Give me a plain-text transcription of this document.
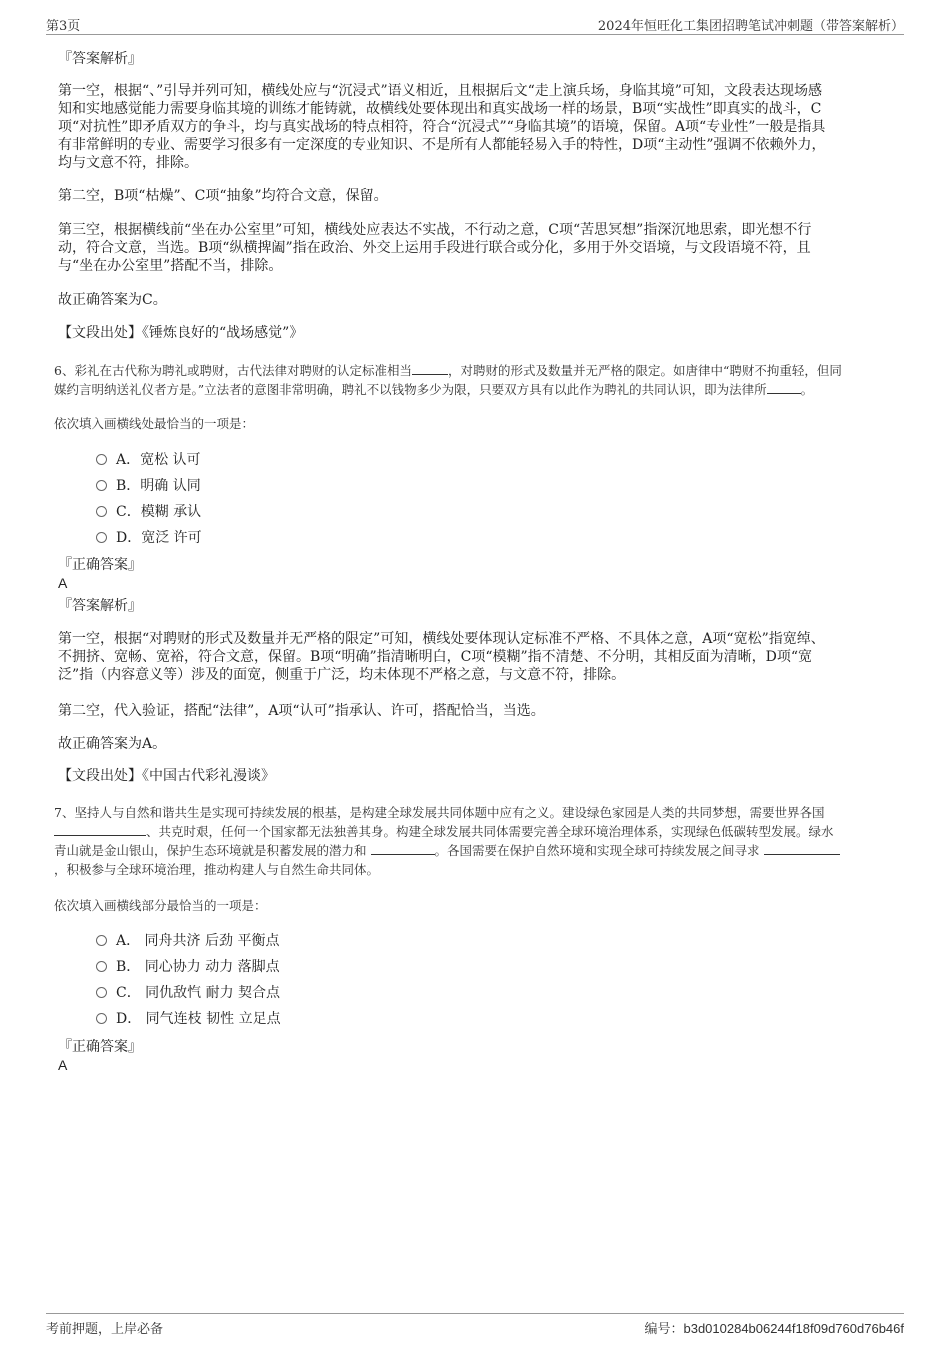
第3页	2024年恒旺化工集团招聘笔试冲刺题（带答案解析）
『答案解析』
第一空，根据“、”引导并列可知，横线处应与“沉浸式”语义相近，且根据后文“走上演兵场，身临其境”可知，文段表达现场感
知和实地感觉能力需要身临其境的训练才能铸就，故横线处要体现出和真实战场一样的场景，B项“实战性”即真实的战斗，C
项“对抗性”即矛盾双方的争斗，均与真实战场的特点相符，符合“沉浸式”“身临其境”的语境，保留。A项“专业性”一般是指具
有非常鲜明的专业、需要学习很多有一定深度的专业知识、不是所有人都能轻易入手的特性，D项“主动性”强调不依赖外力，
均与文意不符，排除。
第二空，B项“枯燥”、C项“抽象”均符合文意，保留。
第三空，根据横线前“坐在办公室里”可知，横线处应表达不实战，不行动之意，C项“苦思冥想”指深沉地思索，即光想不行
动，符合文意，当选。B项“纵横捭阖”指在政治、外交上运用手段进行联合或分化，多用于外交语境，与文段语境不符，且
与“坐在办公室里”搭配不当，排除。
故正确答案为C。
【文段出处】《锤炼良好的“战场感觉”》
6、彩礼在古代称为聘礼或聘财，古代法律对聘财的认定标准相当	，对聘财的形式及数量并无严格的限定。如唐律中“聘财不拘重轻，但同
媒约言明纳送礼仪者方是。”立法者的意图非常明确，聘礼不以钱物多少为限，只要双方具有以此作为聘礼的共同认识，即为法律所	。
依次填入画横线处最恰当的一项是：
A．宽松 认可
B．明确 认同
C．模糊 承认
D．宽泛 许可
『正确答案』
A
『答案解析』
第一空，根据“对聘财的形式及数量并无严格的限定”可知，横线处要体现认定标准不严格、不具体之意，A项“宽松”指宽绰、
不拥挤、宽畅、宽裕，符合文意，保留。B项“明确”指清晰明白，C项“模糊”指不清楚、不分明，其相反面为清晰，D项“宽
泛”指（内容意义等）涉及的面宽，侧重于广泛，均未体现不严格之意，与文意不符，排除。
第二空，代入验证，搭配“法律”，A项“认可”指承认、许可，搭配恰当，当选。
故正确答案为A。
【文段出处】《中国古代彩礼漫谈》
7、坚持人与自然和谐共生是实现可持续发展的根基，是构建全球发展共同体题中应有之义。建设绿色家园是人类的共同梦想，需要世界各国
、共克时艰，任何一个国家都无法独善其身。构建全球发展共同体需要完善全球环境治理体系，实现绿色低碳转型发展。绿水
青山就是金山银山，保护生态环境就是积蓄发展的潜力和	。各国需要在保护自然环境和实现全球可持续发展之间寻求
，积极参与全球环境治理，推动构建人与自然生命共同体。
依次填入画横线部分最恰当的一项是：
A． 同舟共济 后劲 平衡点
B． 同心协力 动力 落脚点
C． 同仇敌忾 耐力 契合点
D． 同气连枝 韧性 立足点
『正确答案』
A
考前押题，上岸必备	编号：b3d010284b06244f18f09d760d76b46f
